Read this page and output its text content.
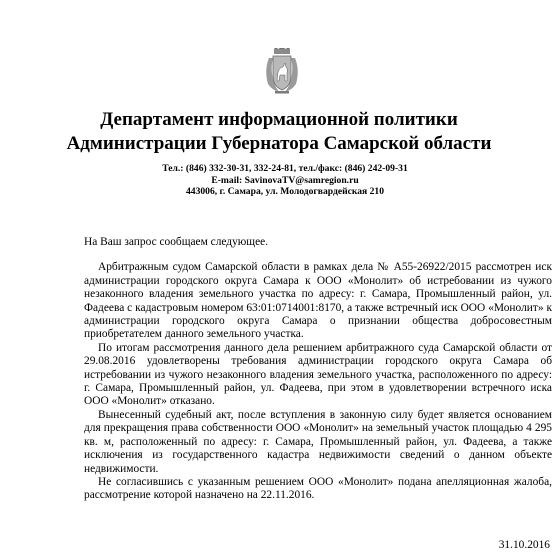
Департамент информационной политики
Администрации Губернатора Самарской области
Тел.: (846) 332-30-31, 332-24-81, тел./факс: (846) 242-09-31
E-mail: SavinovaTV@samregion.ru
443006, г. Самара, ул. Молодогвардейская 210

На Ваш запрос сообщаем следующее.

Арбитражным судом Самарской области в рамках дела № А55-26922/2015 рассмотрен иск администрации городского округа Самара к ООО «Монолит» об истребовании из чужого незаконного владения земельного участка по адресу: г. Самара, Промышленный район, ул. Фадеева с кадастровым номером 63:01:0714001:8170, а также встречный иск ООО «Монолит» к администрации городского округа Самара о признании общества добросовестным приобретателем данного земельного участка.

По итогам рассмотрения данного дела решением арбитражного суда Самарской области от 29.08.2016 удовлетворены требования администрации городского округа Самара об истребовании из чужого незаконного владения земельного участка, расположенного по адресу: г. Самара, Промышленный район, ул. Фадеева, при этом в удовлетворении встречного иска ООО «Монолит» отказано.

Вынесенный судебный акт, после вступления в законную силу будет является основанием для прекращения права собственности ООО «Монолит» на земельный участок площадью 4 295 кв. м, расположенный по адресу: г. Самара, Промышленный район, ул. Фадеева, а также исключения из государственного кадастра недвижимости сведений о данном объекте недвижимости.

Не согласившись с указанным решением ООО «Монолит» подана апелляционная жалоба, рассмотрение которой назначено на 22.11.2016.

31.10.2016
